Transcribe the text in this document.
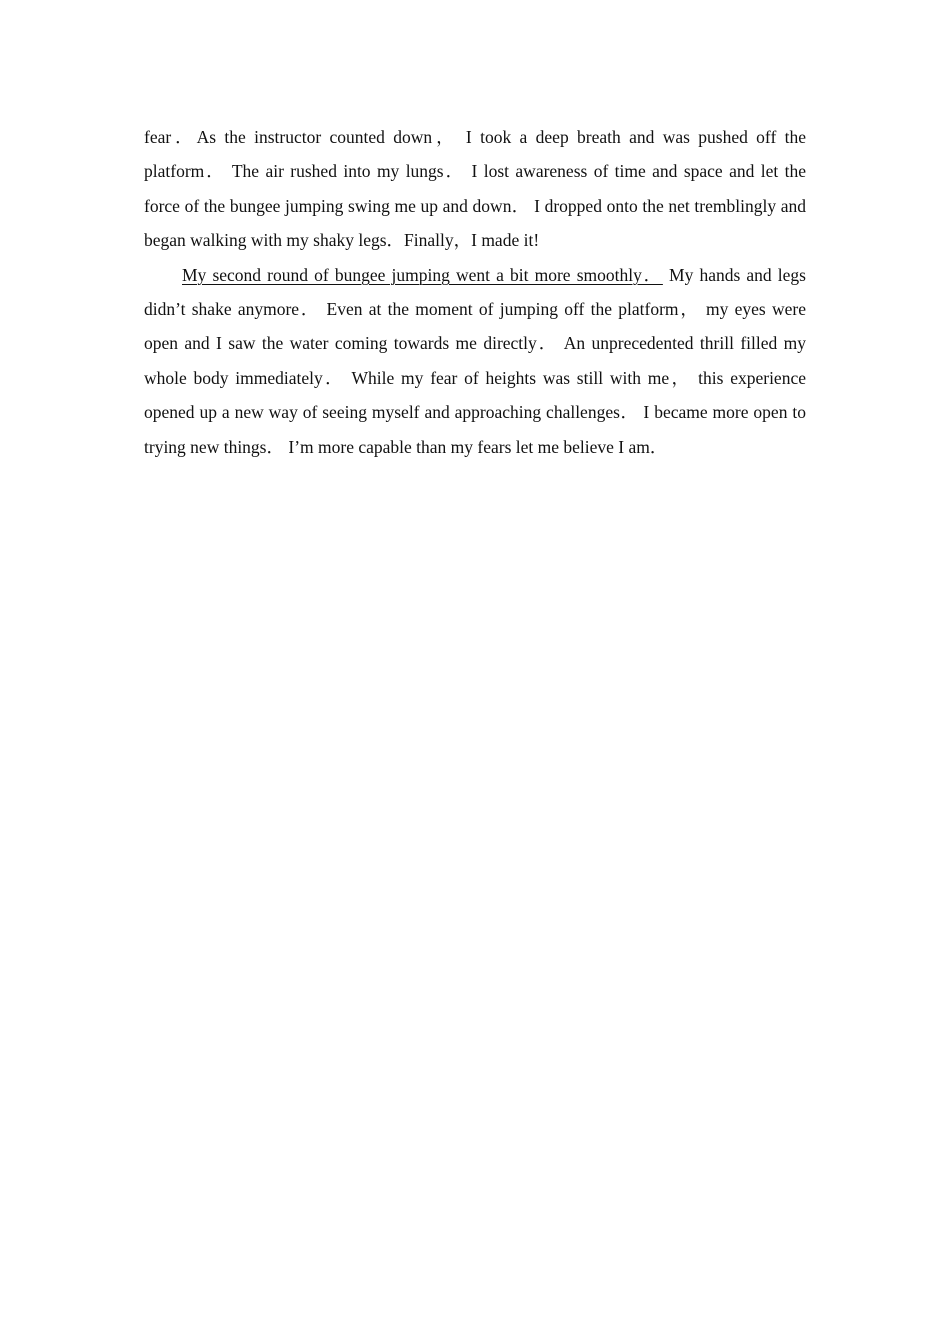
fear．As the instructor counted down， I took a deep breath and was pushed off the platform． The air rushed into my lungs． I lost awareness of time and space and let the force of the bungee jumping swing me up and down． I dropped onto the net tremblingly and began walking with my shaky legs．Finally，I made it!

My second round of bungee jumping went a bit more smoothly． My hands and legs didn’t shake anymore． Even at the moment of jumping off the platform， my eyes were open and I saw the water coming towards me directly． An unprecedented thrill filled my whole body immediately． While my fear of heights was still with me， this experience opened up a new way of seeing myself and approaching challenges． I became more open to trying new things． I’m more capable than my fears let me believe I am．
